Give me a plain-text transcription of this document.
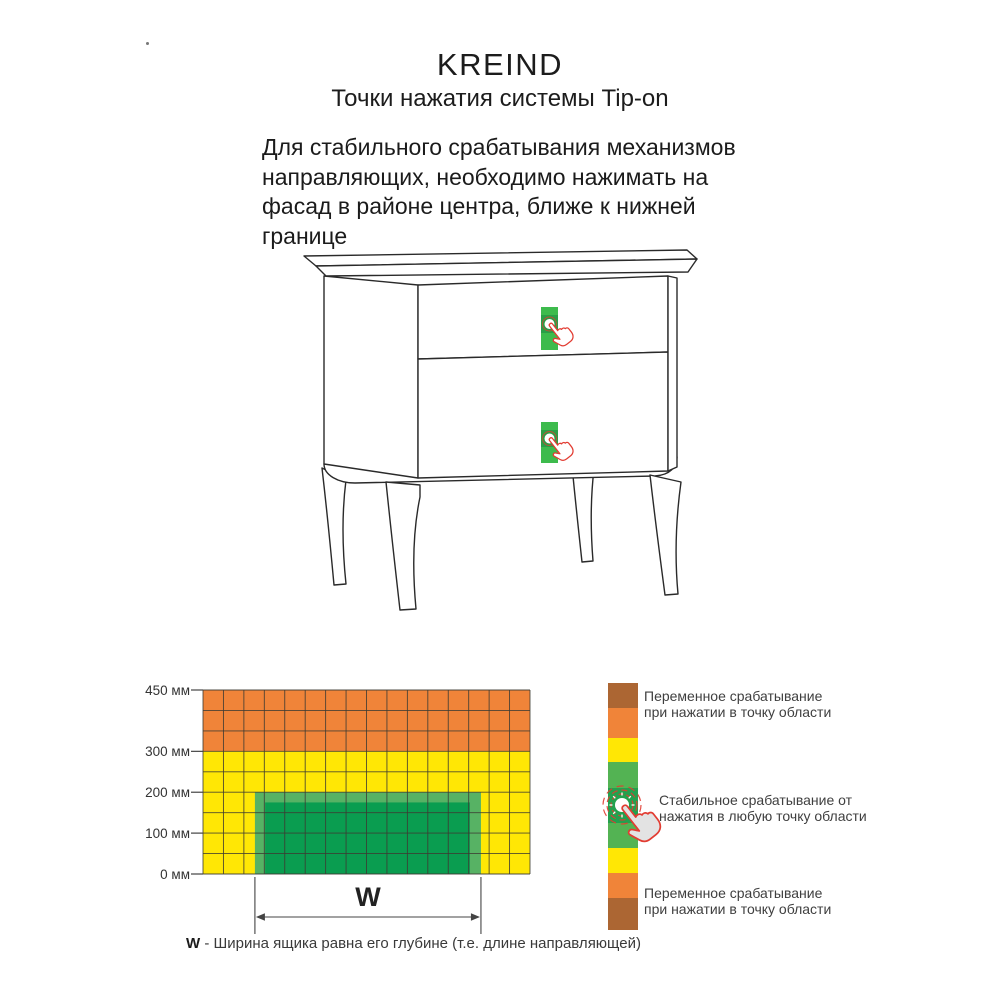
KREIND
Точки нажатия системы Tip-on
Для стабильного срабатывания механизмов направляющих, необходимо нажимать на фасад в районе центра, ближе к нижней границе
450 мм
300 мм
200 мм
100 мм
0 мм
W
W - Ширина ящика равна его глубине (т.е. длине направляющей)
Переменное срабатывание
при нажатии в точку области
Стабильное срабатывание от
нажатия в любую точку области
Переменное срабатывание
при нажатии в точку области
